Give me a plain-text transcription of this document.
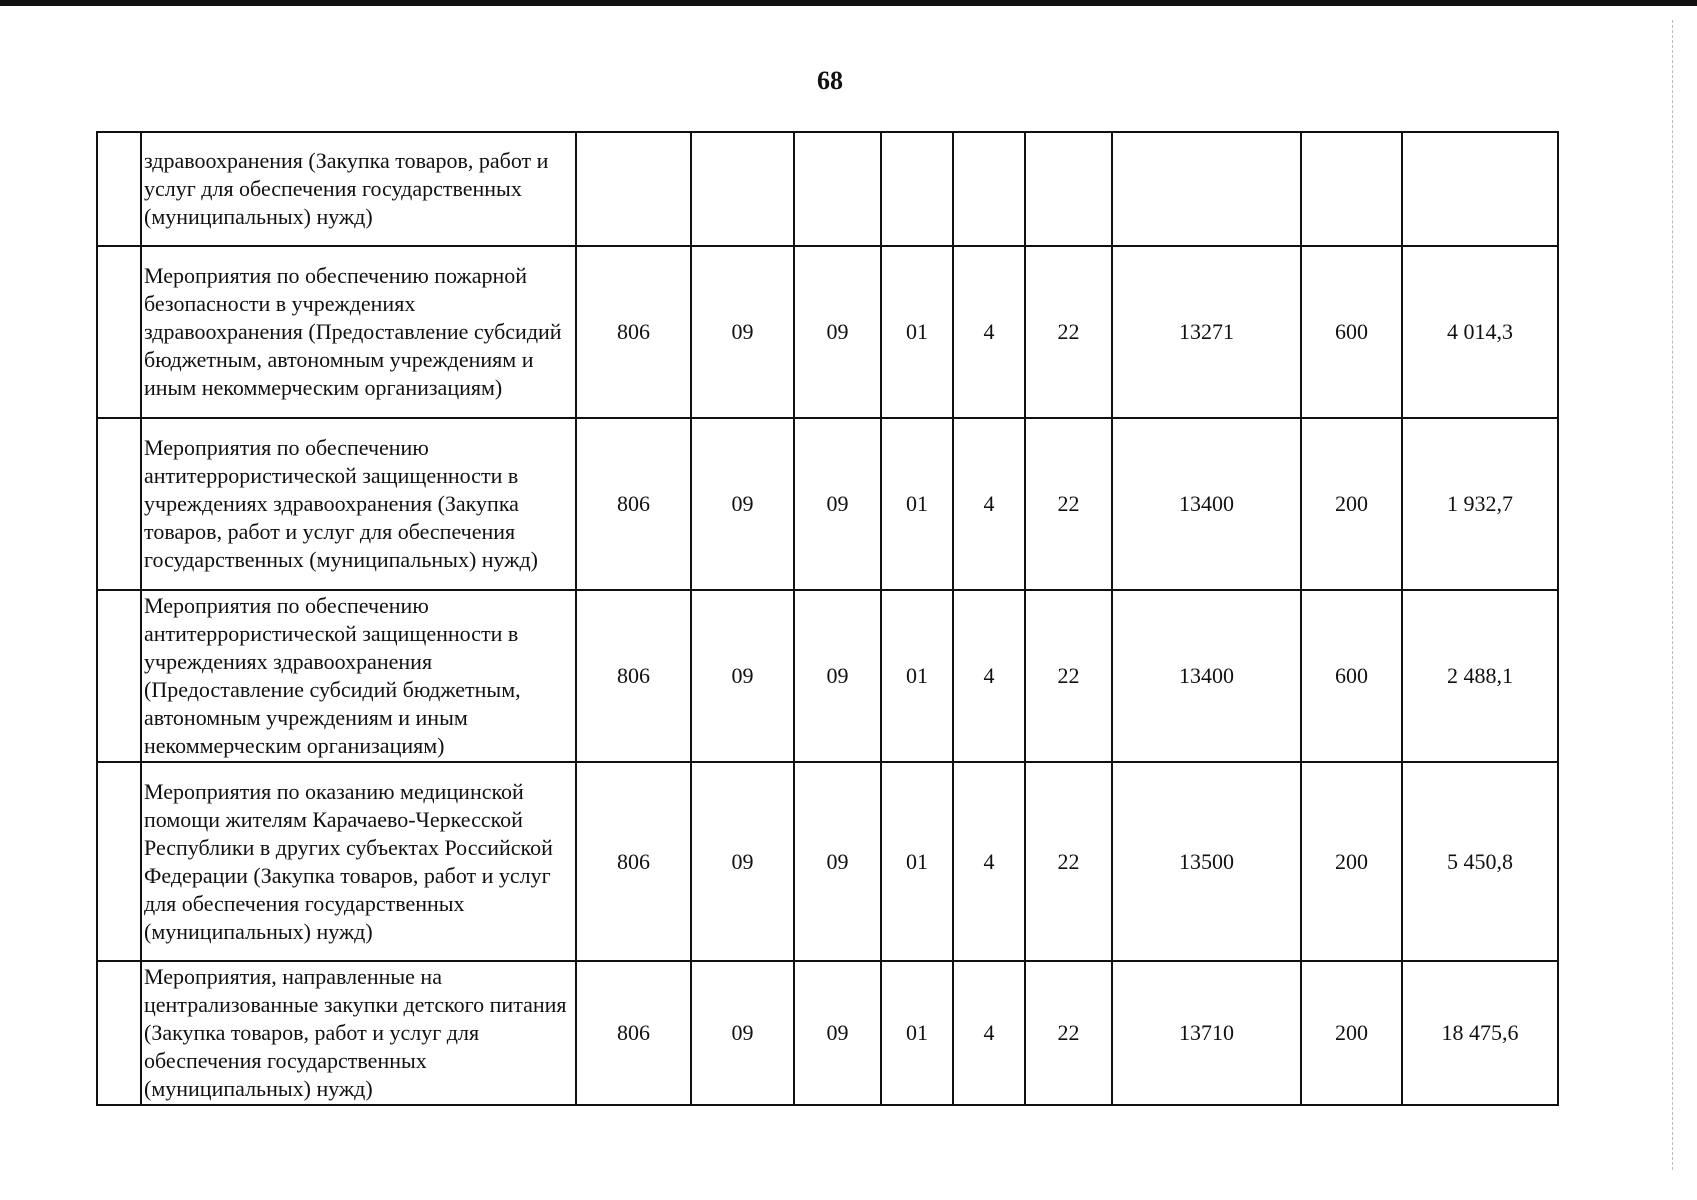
68
	здравоохранения (Закупка товаров, работ и услуг для обеспечения государственных (муниципальных) нужд)									
	Мероприятия по обеспечению пожарной безопасности в учреждениях здравоохранения (Предоставление субсидий бюджетным, автономным учреждениям и иным некоммерческим организациям)	806	09	09	01	4	22	13271	600	4 014,3
	Мероприятия по обеспечению антитеррористической защищенности в учреждениях здравоохранения (Закупка товаров, работ и услуг для обеспечения государственных (муниципальных) нужд)	806	09	09	01	4	22	13400	200	1 932,7
	Мероприятия по обеспечению антитеррористической защищенности в учреждениях здравоохранения (Предоставление субсидий бюджетным, автономным учреждениям и иным некоммерческим организациям)	806	09	09	01	4	22	13400	600	2 488,1
	Мероприятия по оказанию медицинской помощи жителям Карачаево-Черкесской Республики в других субъектах Российской Федерации (Закупка товаров, работ и услуг для обеспечения государственных (муниципальных) нужд)	806	09	09	01	4	22	13500	200	5 450,8
	Мероприятия, направленные на централизованные закупки детского питания (Закупка товаров, работ и услуг для обеспечения государственных (муниципальных) нужд)	806	09	09	01	4	22	13710	200	18 475,6
